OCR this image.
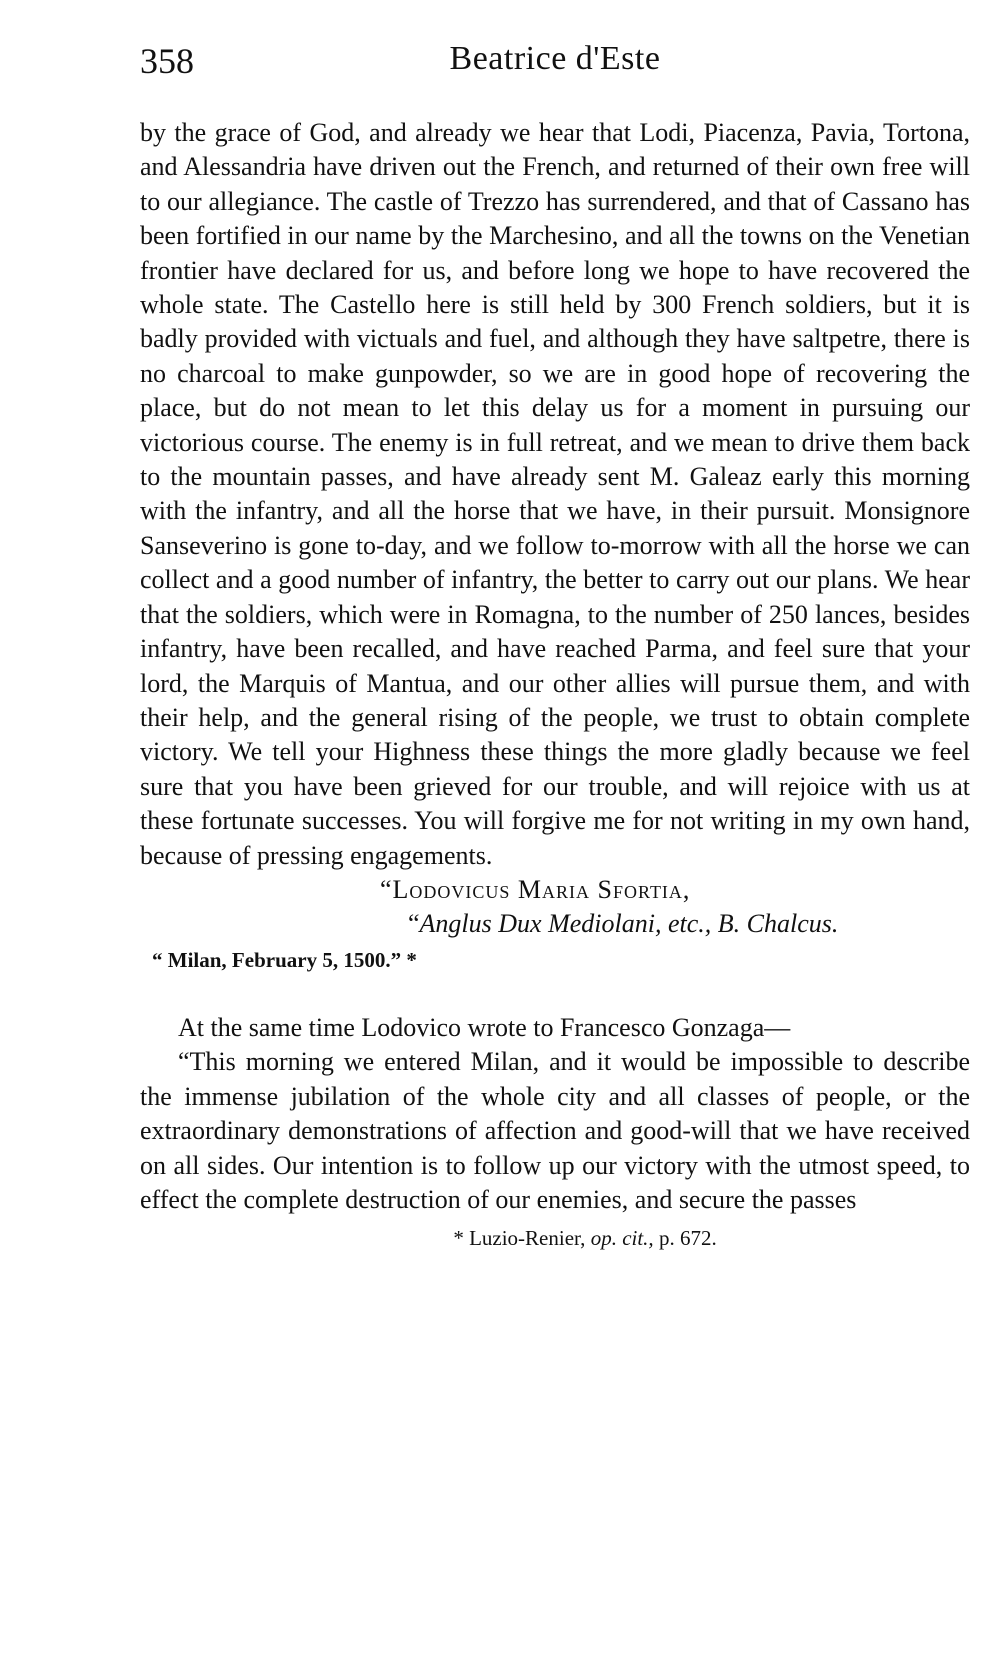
358	Beatrice d'Este

by the grace of God, and already we hear that Lodi, Piacenza, Pavia, Tortona, and Alessandria have driven out the French, and returned of their own free will to our allegiance. The castle of Trezzo has surrendered, and that of Cassano has been fortified in our name by the Marchesino, and all the towns on the Venetian frontier have declared for us, and before long we hope to have recovered the whole state. The Castello here is still held by 300 French soldiers, but it is badly provided with victuals and fuel, and although they have saltpetre, there is no charcoal to make gunpowder, so we are in good hope of recovering the place, but do not mean to let this delay us for a moment in pursuing our victorious course. The enemy is in full retreat, and we mean to drive them back to the mountain passes, and have already sent M. Galeaz early this morning with the infantry, and all the horse that we have, in their pursuit. Monsignore Sanseverino is gone to-day, and we follow to-morrow with all the horse we can collect and a good number of infantry, the better to carry out our plans. We hear that the soldiers, which were in Romagna, to the number of 250 lances, besides infantry, have been recalled, and have reached Parma, and feel sure that your lord, the Marquis of Mantua, and our other allies will pursue them, and with their help, and the general rising of the people, we trust to obtain complete victory. We tell your Highness these things the more gladly because we feel sure that you have been grieved for our trouble, and will rejoice with us at these fortunate successes. You will forgive me for not writing in my own hand, because of pressing engagements.

“Lodovicus Maria Sfortia,

“Anglus Dux Mediolani, etc., B. Chalcus.

“ Milan, February 5, 1500.” *

At the same time Lodovico wrote to Francesco Gonzaga—

“This morning we entered Milan, and it would be impossible to describe the immense jubilation of the whole city and all classes of people, or the extraordinary demonstrations of affection and good-will that we have received on all sides. Our intention is to follow up our victory with the utmost speed, to effect the complete destruction of our enemies, and secure the passes

* Luzio-Renier, op. cit., p. 672.
